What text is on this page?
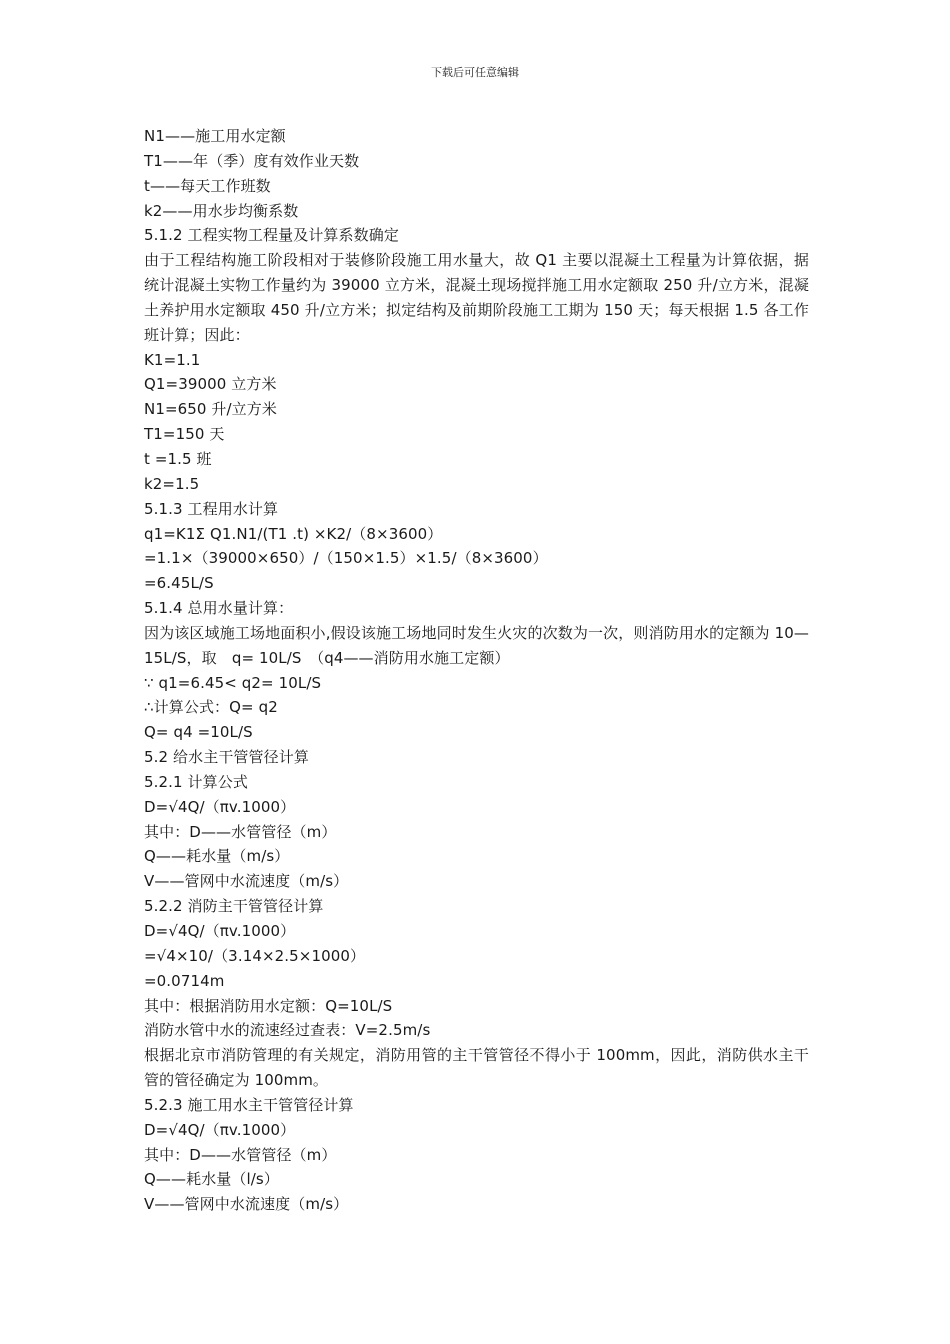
下载后可任意编辑
N1——施工用水定额
T1——年（季）度有效作业天数
t——每天工作班数
k2——用水步均衡系数
5.1.2 工程实物工程量及计算系数确定
由于工程结构施工阶段相对于装修阶段施工用水量大，故 Q1 主要以混凝土工程量为计算依据，据统计混凝土实物工作量约为 39000 立方米，混凝土现场搅拌施工用水定额取 250 升/立方米，混凝土养护用水定额取 450 升/立方米；拟定结构及前期阶段施工工期为 150 天；每天根据 1.5 各工作班计算；因此：
K1=1.1
Q1=39000 立方米
N1=650 升/立方米
T1=150 天
t =1.5 班
k2=1.5
5.1.3 工程用水计算
q1=K1Σ Q1.N1/(T1 .t) ×K2/（8×3600）
=1.1×（39000×650）/（150×1.5）×1.5/（8×3600）
=6.45L/S
5.1.4 总用水量计算：
因为该区域施工场地面积小,假设该施工场地同时发生火灾的次数为一次，则消防用水的定额为 10—15L/S，取　q= 10L/S　（q4——消防用水施工定额）
∵ q1=6.45< q2= 10L/S
∴计算公式：Q= q2
Q= q4 =10L/S
5.2 给水主干管管径计算
5.2.1 计算公式
D=√4Q/（πv.1000）
其中：D——水管管径（m）
Q——耗水量（m/s）
V——管网中水流速度（m/s）
5.2.2 消防主干管管径计算
D=√4Q/（πv.1000）
=√4×10/（3.14×2.5×1000）
=0.0714m
其中：根据消防用水定额：Q=10L/S
消防水管中水的流速经过查表：V=2.5m/s
根据北京市消防管理的有关规定，消防用管的主干管管径不得小于 100mm，因此，消防供水主干管的管径确定为 100mm。
5.2.3 施工用水主干管管径计算
D=√4Q/（πv.1000）
其中：D——水管管径（m）
Q——耗水量（l/s）
V——管网中水流速度（m/s）
